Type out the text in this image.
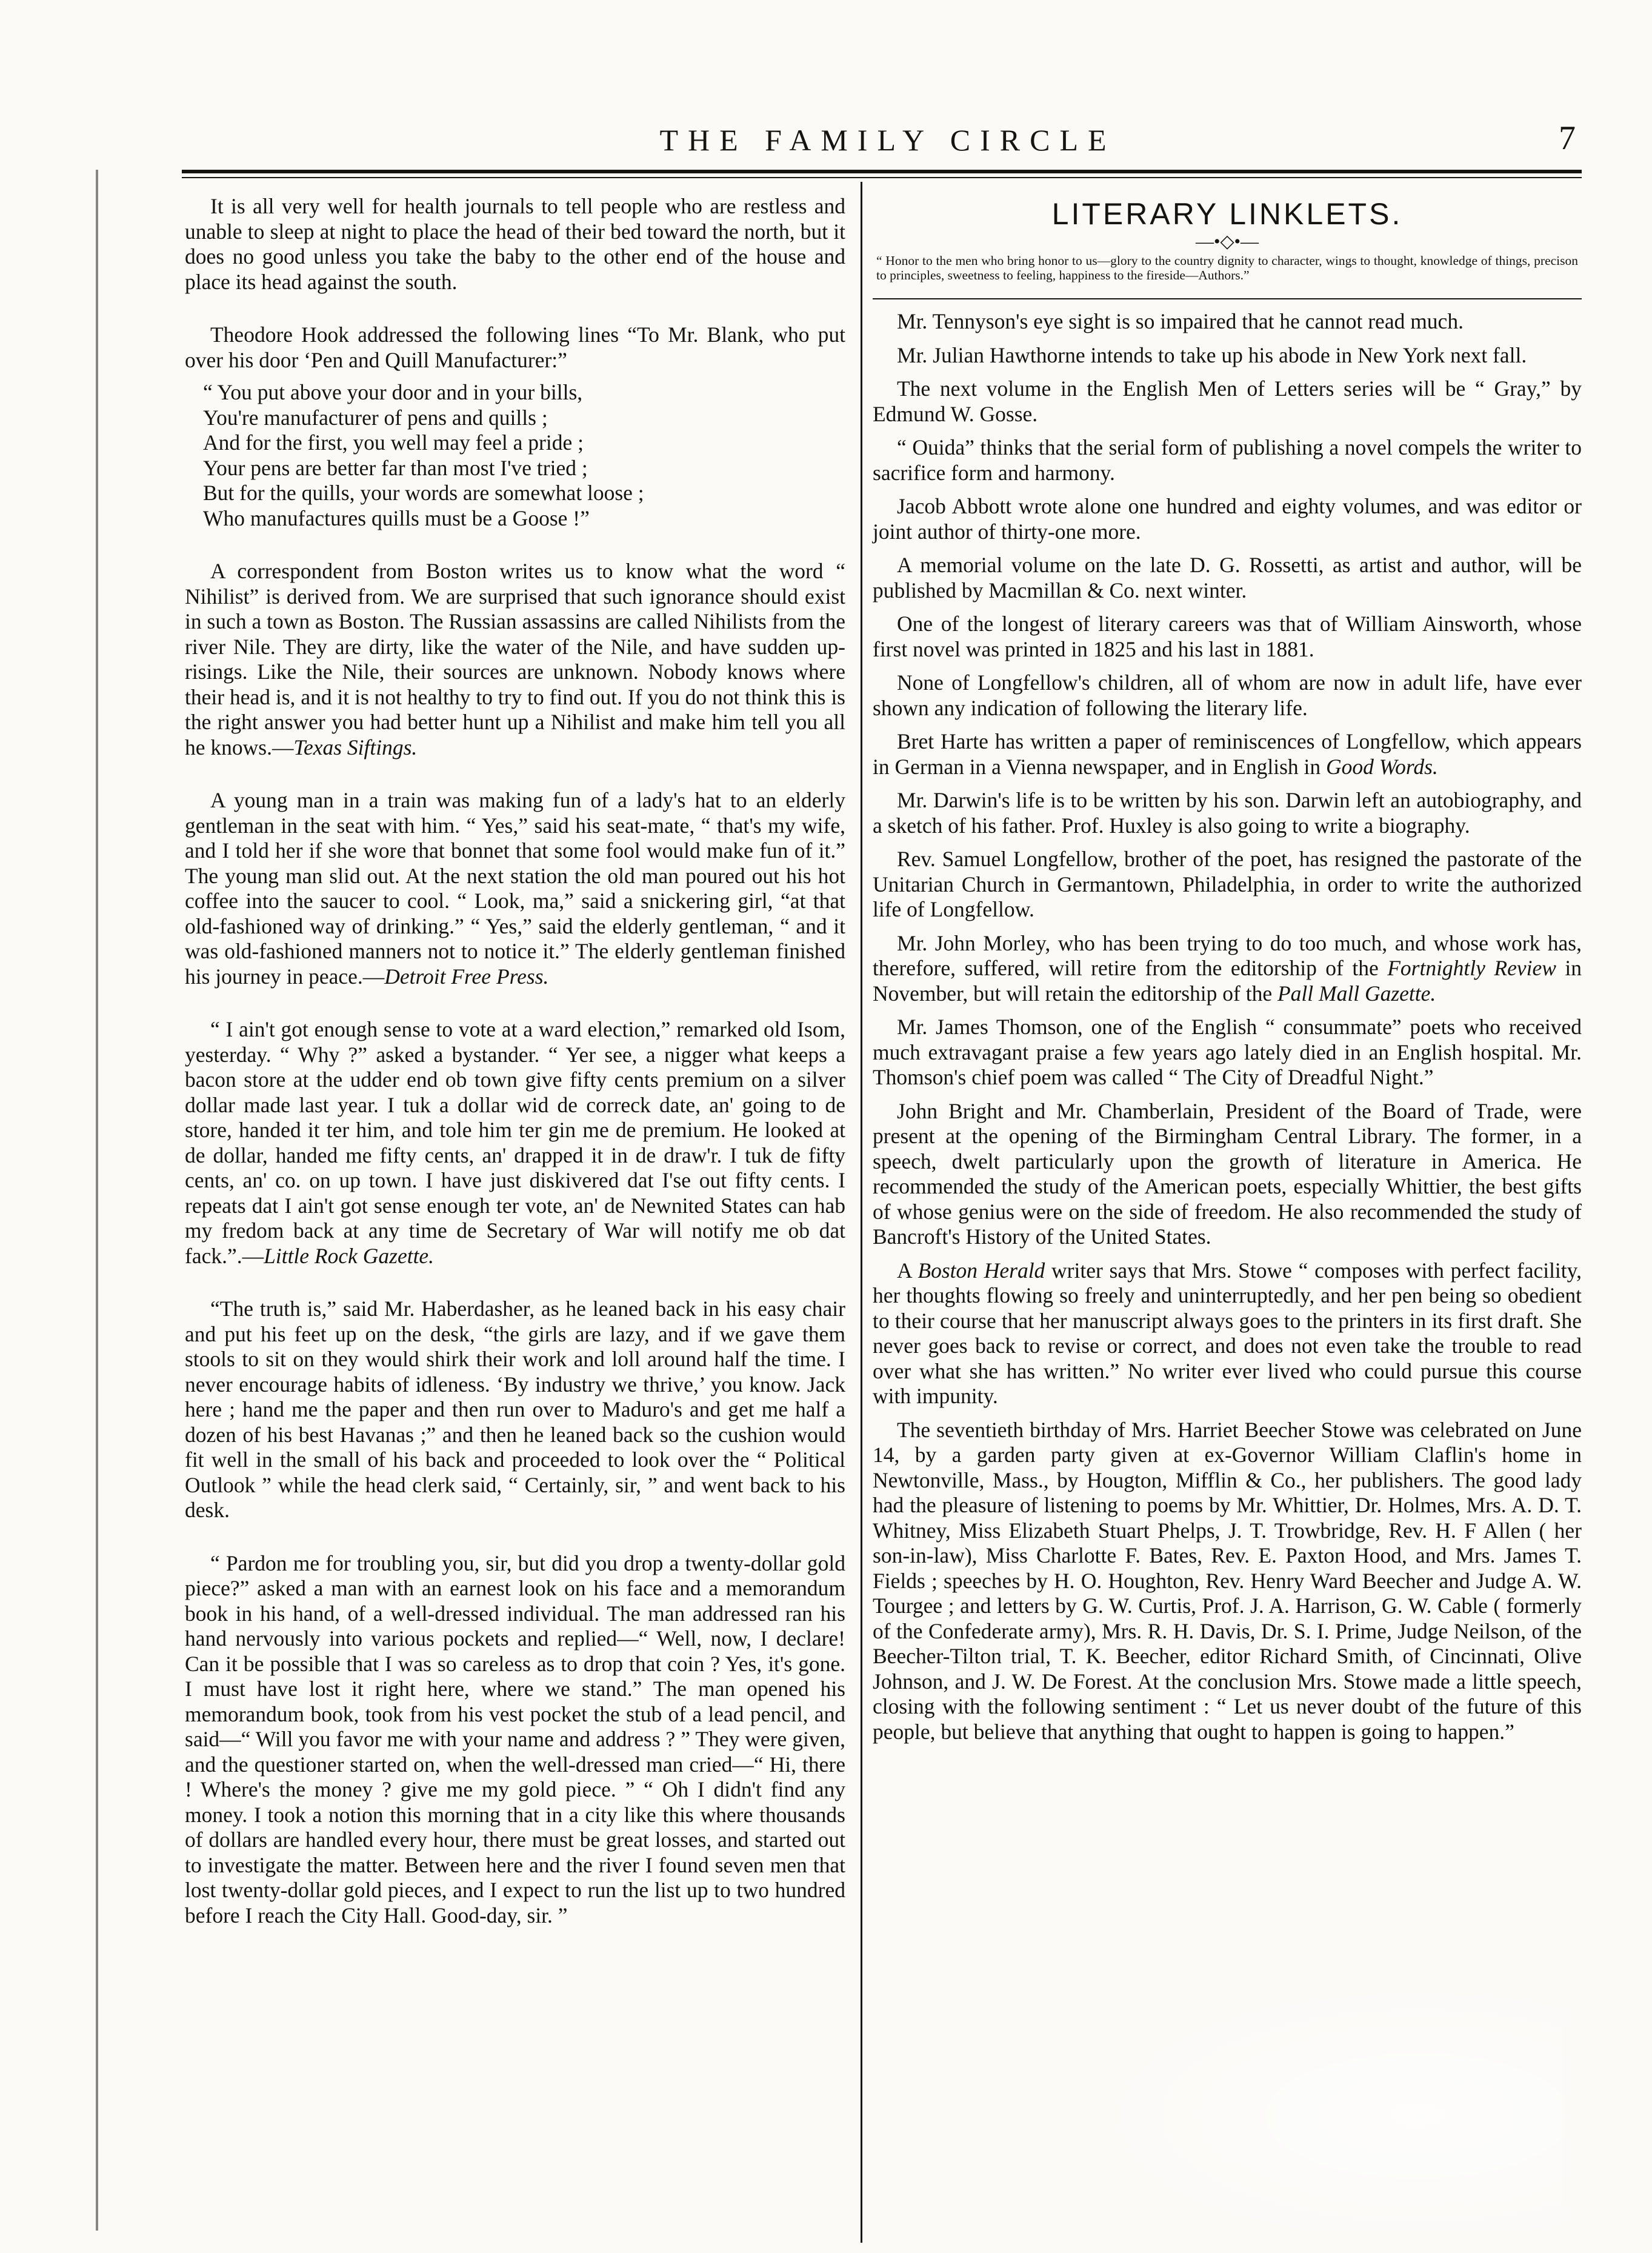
THE FAMILY CIRCLE	7

It is all very well for health journals to tell people who are restless and unable to sleep at night to place the head of their bed toward the north, but it does no good unless you take the baby to the other end of the house and place its head against the south.

Theodore Hook addressed the following lines “To Mr. Blank, who put over his door ‘Pen and Quill Manufacturer:”

“ You put above your door and in your bills,
You're manufacturer of pens and quills ;
And for the first, you well may feel a pride ;
Your pens are better far than most I've tried ;
But for the quills, your words are somewhat loose ;
Who manufactures quills must be a Goose !”

A correspondent from Boston writes us to know what the word “ Nihilist” is derived from. We are surprised that such ignorance should exist in such a town as Boston. The Russian assassins are called Nihilists from the river Nile. They are dirty, like the water of the Nile, and have sudden up-risings. Like the Nile, their sources are unknown. Nobody knows where their head is, and it is not healthy to try to find out. If you do not think this is the right answer you had better hunt up a Nihilist and make him tell you all he knows.—Texas Siftings.

A young man in a train was making fun of a lady's hat to an elderly gentleman in the seat with him. “ Yes,” said his seat-mate, “ that's my wife, and I told her if she wore that bonnet that some fool would make fun of it.” The young man slid out. At the next station the old man poured out his hot coffee into the saucer to cool. “ Look, ma,” said a snickering girl, “at that old-fashioned way of drinking.” “ Yes,” said the elderly gentleman, “ and it was old-fashioned manners not to notice it.” The elderly gentleman finished his journey in peace.—Detroit Free Press.

“ I ain't got enough sense to vote at a ward election,” remarked old Isom, yesterday. “ Why ?” asked a bystander. “ Yer see, a nigger what keeps a bacon store at the udder end ob town give fifty cents premium on a silver dollar made last year. I tuk a dollar wid de correck date, an' going to de store, handed it ter him, and tole him ter gin me de premium. He looked at de dollar, handed me fifty cents, an' drapped it in de draw'r. I tuk de fifty cents, an' co. on up town. I have just diskivered dat I'se out fifty cents. I repeats dat I ain't got sense enough ter vote, an' de Newnited States can hab my fredom back at any time de Secretary of War will notify me ob dat fack.”.—Little Rock Gazette.

“The truth is,” said Mr. Haberdasher, as he leaned back in his easy chair and put his feet up on the desk, “the girls are lazy, and if we gave them stools to sit on they would shirk their work and loll around half the time. I never encourage habits of idleness. ‘By industry we thrive,’ you know. Jack here ; hand me the paper and then run over to Maduro's and get me half a dozen of his best Havanas ;” and then he leaned back so the cushion would fit well in the small of his back and proceeded to look over the “ Political Outlook ” while the head clerk said, “ Certainly, sir, ” and went back to his desk.

“ Pardon me for troubling you, sir, but did you drop a twenty-dollar gold piece?” asked a man with an earnest look on his face and a memorandum book in his hand, of a well-dressed individual. The man addressed ran his hand nervously into various pockets and replied—“ Well, now, I declare! Can it be possible that I was so careless as to drop that coin ? Yes, it's gone. I must have lost it right here, where we stand.” The man opened his memorandum book, took from his vest pocket the stub of a lead pencil, and said—“ Will you favor me with your name and address ? ” They were given, and the questioner started on, when the well-dressed man cried—“ Hi, there ! Where's the money ? give me my gold piece. ” “ Oh I didn't find any money. I took a notion this morning that in a city like this where thousands of dollars are handled every hour, there must be great losses, and started out to investigate the matter. Between here and the river I found seven men that lost twenty-dollar gold pieces, and I expect to run the list up to two hundred before I reach the City Hall. Good-day, sir. ”

LITERARY LINKLETS.
—•◇•—
“ Honor to the men who bring honor to us—glory to the country dignity to character, wings to thought, knowledge of things, precison to principles, sweetness to feeling, happiness to the fireside—Authors.”

Mr. Tennyson's eye sight is so impaired that he cannot read much.

Mr. Julian Hawthorne intends to take up his abode in New York next fall.

The next volume in the English Men of Letters series will be “ Gray,” by Edmund W. Gosse.

“ Ouida” thinks that the serial form of publishing a novel compels the writer to sacrifice form and harmony.

Jacob Abbott wrote alone one hundred and eighty volumes, and was editor or joint author of thirty-one more.

A memorial volume on the late D. G. Rossetti, as artist and author, will be published by Macmillan & Co. next winter.

One of the longest of literary careers was that of William Ainsworth, whose first novel was printed in 1825 and his last in 1881.

None of Longfellow's children, all of whom are now in adult life, have ever shown any indication of following the literary life.

Bret Harte has written a paper of reminiscences of Longfellow, which appears in German in a Vienna newspaper, and in English in Good Words.

Mr. Darwin's life is to be written by his son. Darwin left an autobiography, and a sketch of his father. Prof. Huxley is also going to write a biography.

Rev. Samuel Longfellow, brother of the poet, has resigned the pastorate of the Unitarian Church in Germantown, Philadelphia, in order to write the authorized life of Longfellow.

Mr. John Morley, who has been trying to do too much, and whose work has, therefore, suffered, will retire from the editorship of the Fortnightly Review in November, but will retain the editorship of the Pall Mall Gazette.

Mr. James Thomson, one of the English “ consummate” poets who received much extravagant praise a few years ago lately died in an English hospital. Mr. Thomson's chief poem was called “ The City of Dreadful Night.”

John Bright and Mr. Chamberlain, President of the Board of Trade, were present at the opening of the Birmingham Central Library. The former, in a speech, dwelt particularly upon the growth of literature in America. He recommended the study of the American poets, especially Whittier, the best gifts of whose genius were on the side of freedom. He also recommended the study of Bancroft's History of the United States.

A Boston Herald writer says that Mrs. Stowe “ composes with perfect facility, her thoughts flowing so freely and uninterruptedly, and her pen being so obedient to their course that her manuscript always goes to the printers in its first draft. She never goes back to revise or correct, and does not even take the trouble to read over what she has written.” No writer ever lived who could pursue this course with impunity.

The seventieth birthday of Mrs. Harriet Beecher Stowe was celebrated on June 14, by a garden party given at ex-Governor William Claflin's home in Newtonville, Mass., by Hougton, Mifflin & Co., her publishers. The good lady had the pleasure of listening to poems by Mr. Whittier, Dr. Holmes, Mrs. A. D. T. Whitney, Miss Elizabeth Stuart Phelps, J. T. Trowbridge, Rev. H. F Allen ( her son-in-law), Miss Charlotte F. Bates, Rev. E. Paxton Hood, and Mrs. James T. Fields ; speeches by H. O. Houghton, Rev. Henry Ward Beecher and Judge A. W. Tourgee ; and letters by G. W. Curtis, Prof. J. A. Harrison, G. W. Cable ( formerly of the Confederate army), Mrs. R. H. Davis, Dr. S. I. Prime, Judge Neilson, of the Beecher-Tilton trial, T. K. Beecher, editor Richard Smith, of Cincinnati, Olive Johnson, and J. W. De Forest. At the conclusion Mrs. Stowe made a little speech, closing with the following sentiment : “ Let us never doubt of the future of this people, but believe that anything that ought to happen is going to happen.”
